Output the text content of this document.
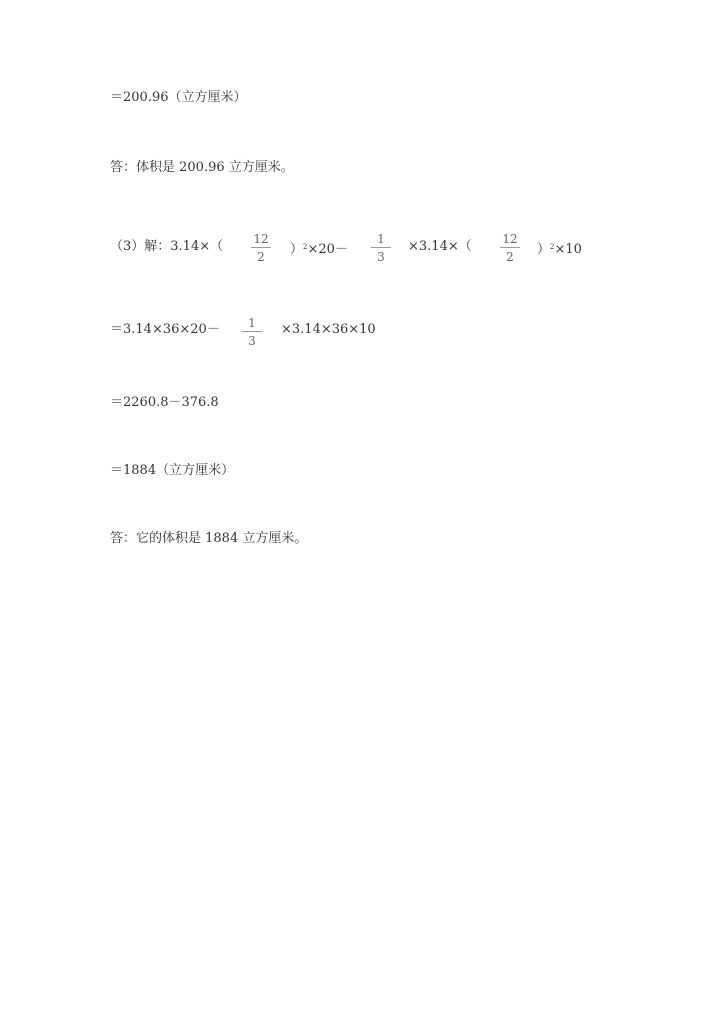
＝200.96（立方厘米）
答：体积是 200.96 立方厘米。
（3）解：3.14×（	12
2	）$^2$×20－
1
3
×3.14×（	12
2	）$^2$×10
＝3.14×36×20－	1
3
×3.14×36×10
＝2260.8－376.8
＝1884（立方厘米）
答：它的体积是 1884 立方厘米。
